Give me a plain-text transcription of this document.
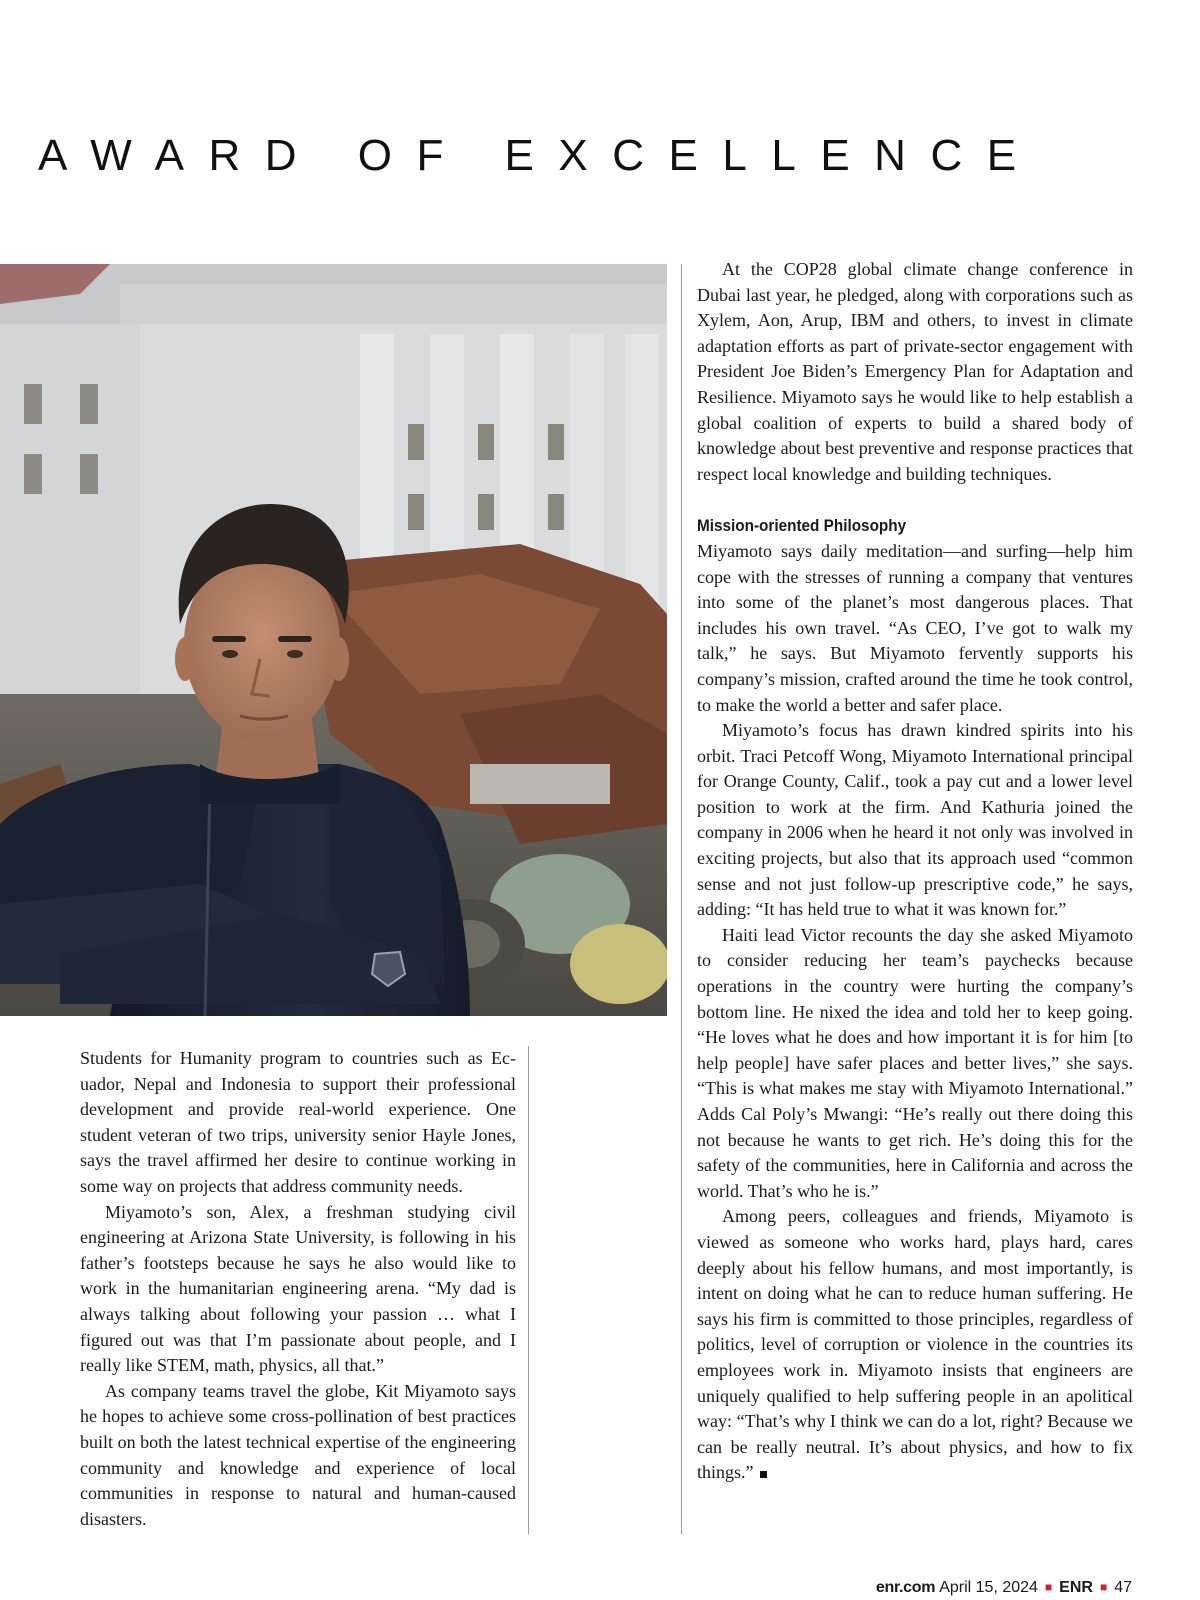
AWARD OF EXCELLENCE

Students for Humanity program to countries such as Ecuador, Nepal and Indonesia to support their professional development and provide real-world experience. One student veteran of two trips, university senior Hayle Jones, says the travel affirmed her desire to continue working in some way on projects that address community needs.

Miyamoto’s son, Alex, a freshman studying civil engineering at Arizona State University, is following in his father’s footsteps because he says he also would like to work in the humanitarian engineering arena. “My dad is always talking about following your passion … what I figured out was that I’m passionate about people, and I really like STEM, math, physics, all that.”

As company teams travel the globe, Kit Miyamoto says he hopes to achieve some cross-pollination of best practices built on both the latest technical expertise of the engineering community and knowledge and experience of local communities in response to natural and human-caused disasters.

At the COP28 global climate change conference in Dubai last year, he pledged, along with corporations such as Xylem, Aon, Arup, IBM and others, to invest in climate adaptation efforts as part of private-sector engagement with President Joe Biden’s Emergency Plan for Adaptation and Resilience. Miyamoto says he would like to help establish a global coalition of experts to build a shared body of knowledge about best preventive and response practices that respect local knowledge and building techniques.

Mission-oriented Philosophy

Miyamoto says daily meditation—and surfing—help him cope with the stresses of running a company that ventures into some of the planet’s most dangerous places. That includes his own travel. “As CEO, I’ve got to walk my talk,” he says. But Miyamoto fervently supports his company’s mission, crafted around the time he took control, to make the world a better and safer place.

Miyamoto’s focus has drawn kindred spirits into his orbit. Traci Petcoff Wong, Miyamoto International principal for Orange County, Calif., took a pay cut and a lower level position to work at the firm. And Kathuria joined the company in 2006 when he heard it not only was involved in exciting projects, but also that its approach used “common sense and not just follow-up prescriptive code,” he says, adding: “It has held true to what it was known for.”

Haiti lead Victor recounts the day she asked Miyamoto to consider reducing her team’s paychecks because operations in the country were hurting the company’s bottom line. He nixed the idea and told her to keep going. “He loves what he does and how important it is for him [to help people] have safer places and better lives,” she says. “This is what makes me stay with Miyamoto International.” Adds Cal Poly’s Mwangi: “He’s really out there doing this not because he wants to get rich. He’s doing this for the safety of the communities, here in California and across the world. That’s who he is.”

Among peers, colleagues and friends, Miyamoto is viewed as someone who works hard, plays hard, cares deeply about his fellow humans, and most importantly, is intent on doing what he can to reduce human suffering. He says his firm is committed to those principles, regardless of politics, level of corruption or violence in the countries its employees work in. Miyamoto insists that engineers are uniquely qualified to help suffering people in an apolitical way: “That’s why I think we can do a lot, right? Because we can be really neutral. It’s about physics, and how to fix things.”

enr.com April 15, 2024 ■ ENR ■ 47
